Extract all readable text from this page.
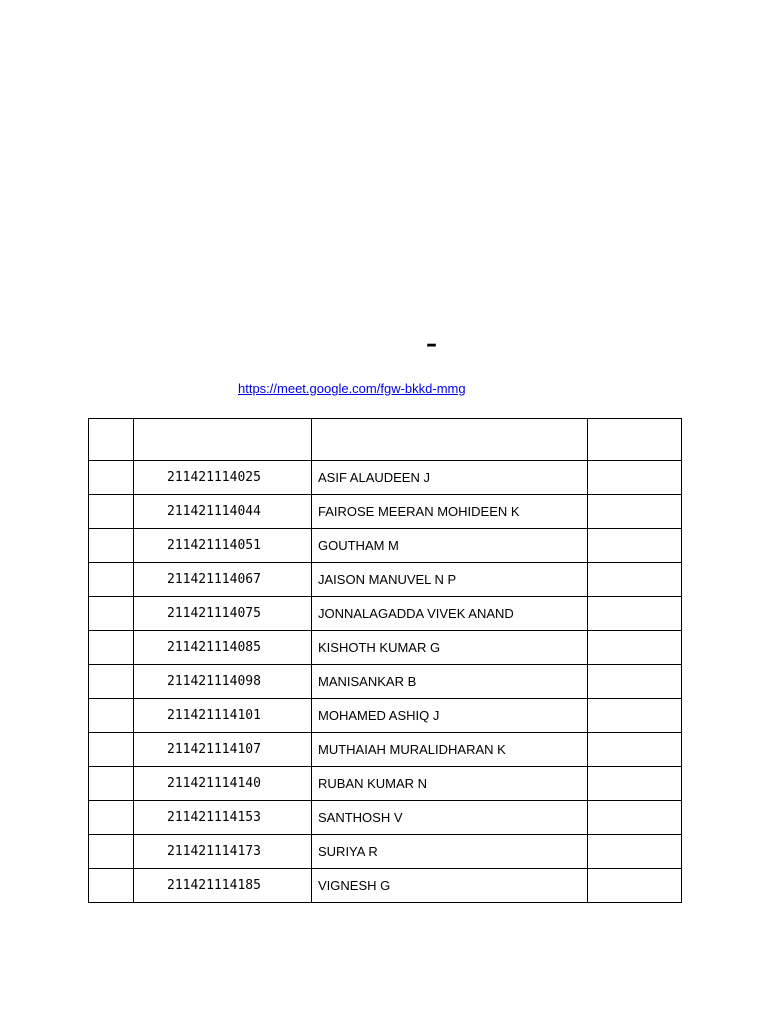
–
https://meet.google.com/fgw-bkkd-mmg

	211421114025	ASIF ALAUDEEN J	
	211421114044	FAIROSE MEERAN MOHIDEEN K	
	211421114051	GOUTHAM M	
	211421114067	JAISON MANUVEL N P	
	211421114075	JONNALAGADDA VIVEK ANAND	
	211421114085	KISHOTH KUMAR G	
	211421114098	MANISANKAR B	
	211421114101	MOHAMED ASHIQ J	
	211421114107	MUTHAIAH MURALIDHARAN K	
	211421114140	RUBAN KUMAR N	
	211421114153	SANTHOSH V	
	211421114173	SURIYA R	
	211421114185	VIGNESH G	
